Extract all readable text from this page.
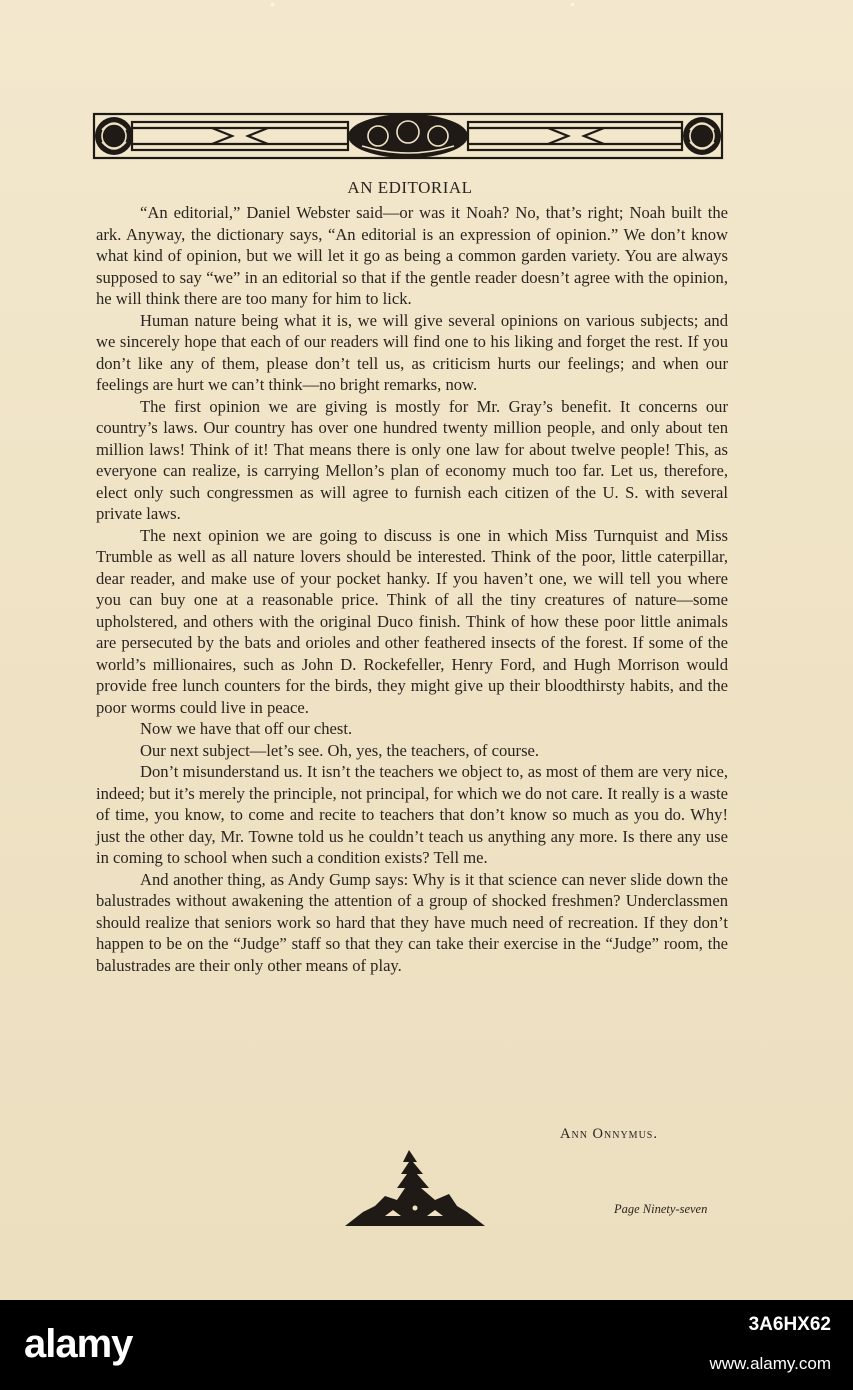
•	•
AN EDITORIAL

“An editorial,” Daniel Webster said—or was it Noah? No, that’s right; Noah built the ark. Anyway, the dictionary says, “An editorial is an expression of opinion.” We don’t know what kind of opinion, but we will let it go as being a common garden variety. You are always supposed to say “we” in an editorial so that if the gentle reader doesn’t agree with the opinion, he will think there are too many for him to lick.

Human nature being what it is, we will give several opinions on various subjects; and we sincerely hope that each of our readers will find one to his liking and forget the rest. If you don’t like any of them, please don’t tell us, as criticism hurts our feelings; and when our feelings are hurt we can’t think—no bright remarks, now.

The first opinion we are giving is mostly for Mr. Gray’s benefit. It concerns our country’s laws. Our country has over one hundred twenty million people, and only about ten million laws! Think of it! That means there is only one law for about twelve people! This, as everyone can realize, is carrying Mellon’s plan of economy much too far. Let us, therefore, elect only such congressmen as will agree to furnish each citizen of the U. S. with several private laws.

The next opinion we are going to discuss is one in which Miss Turnquist and Miss Trumble as well as all nature lovers should be interested. Think of the poor, little caterpillar, dear reader, and make use of your pocket hanky. If you haven’t one, we will tell you where you can buy one at a reasonable price. Think of all the tiny creatures of nature—some upholstered, and others with the original Duco finish. Think of how these poor little animals are persecuted by the bats and orioles and other feathered insects of the forest. If some of the world’s millionaires, such as John D. Rockefeller, Henry Ford, and Hugh Morrison would provide free lunch counters for the birds, they might give up their bloodthirsty habits, and the poor worms could live in peace.

Now we have that off our chest.

Our next subject—let’s see. Oh, yes, the teachers, of course.

Don’t misunderstand us. It isn’t the teachers we object to, as most of them are very nice, indeed; but it’s merely the principle, not principal, for which we do not care. It really is a waste of time, you know, to come and recite to teachers that don’t know so much as you do. Why! just the other day, Mr. Towne told us he couldn’t teach us anything any more. Is there any use in coming to school when such a condition exists? Tell me.

And another thing, as Andy Gump says: Why is it that science can never slide down the balustrades without awakening the attention of a group of shocked freshmen? Underclassmen should realize that seniors work so hard that they have much need of recreation. If they don’t happen to be on the “Judge” staff so that they can take their exercise in the “Judge” room, the balustrades are their only other means of play.

Ann Onnymus.
Page Ninety-seven
alamy	3A6HX62
www.alamy.com
